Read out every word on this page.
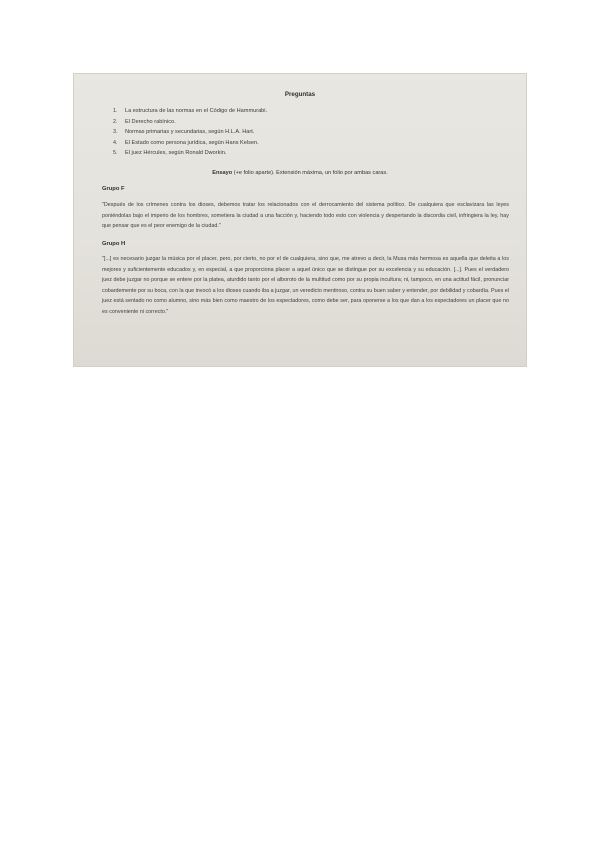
Preguntas
1.	La estructura de las normas en el Código de Hammurabi.
2.	El Derecho rabínico.
3.	Normas primarias y secundarias, según H.L.A. Hart.
4.	El Estado como persona jurídica, según Hans Kelsen.
5.	El juez Hércules, según Ronald Dworkin.
Ensayo (+e folio aparte). Extensión máxima, un folio por ambas caras.
Grupo F
"Después de los crímenes contra los dioses, debemos tratar los relacionados con el derrocamiento del sistema político. De cualquiera que esclavizara las leyes poniéndolas bajo el imperio de los hombres, sometiera la ciudad a una facción y, haciendo todo esto con violencia y despertando la discordia civil, infringiera la ley, hay que pensar que es el peor enemigo de la ciudad."
Grupo H
"[...] es necesario juzgar la música por el placer, pero, por cierto, no por el de cualquiera, sino que, me atrevo a decir, la Musa más hermosa es aquella que deleita a los mejores y suficientemente educados y, en especial, a que proporciona placer a aquel único que se distingue por su excelencia y su educación. [...]. Pues el verdadero juez debe juzgar no porque se entere por la platea, aturdido tanto por el alboroto de la multitud como por su propia incultura; ni, tampoco, en una actitud fácil, pronunciar cobardemente por su boca, con la que invocó a los dioses cuando iba a juzgar, un veredicto mentiroso, contra su buen saber y entender, por debilidad y cobardía. Pues el juez está sentado no como alumno, sino más bien como maestro de los espectadores, como debe ser, para oponerse a los que dan a los espectadores un placer que no es conveniente ni correcto."
